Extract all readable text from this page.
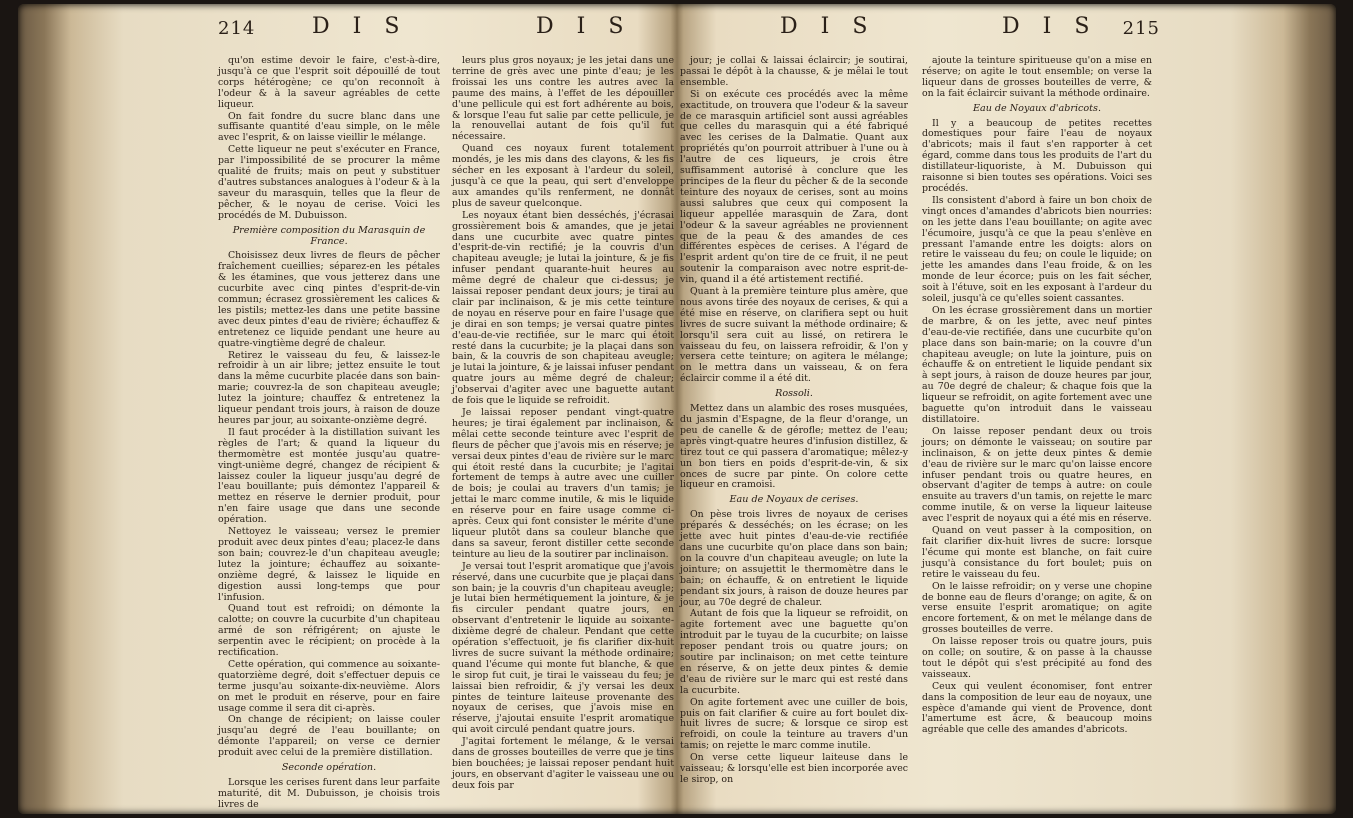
214	D I S	D I S

qu'on estime devoir le faire, c'est-à-dire, jusqu'à ce que l'esprit soit dépouillé de tout corps hétérogène; ce qu'on reconnoît à l'odeur & à la saveur agréables de cette liqueur.

On fait fondre du sucre blanc dans une suffisante quantité d'eau simple, on le mêle avec l'esprit, & on laisse vieillir le mélange.

Cette liqueur ne peut s'exécuter en France, par l'impossibilité de se procurer la même qualité de fruits; mais on peut y substituer d'autres substances analogues à l'odeur & à la saveur du marasquin, telles que la fleur de pêcher, & le noyau de cerise. Voici les procédés de M. Dubuisson.

Première composition du Marasquin de France.

Choisissez deux livres de fleurs de pêcher fraîchement cueillies; séparez-en les pétales & les étamines, que vous jetterez dans une cucurbite avec cinq pintes d'esprit-de-vin commun; écrasez grossièrement les calices & les pistils; mettez-les dans une petite bassine avec deux pintes d'eau de rivière; échauffez & entretenez ce liquide pendant une heure au quatre-vingtième degré de chaleur.

Retirez le vaisseau du feu, & laissez-le refroidir à un air libre; jettez ensuite le tout dans la même cucurbite placée dans son bain-marie; couvrez-la de son chapiteau aveugle; lutez la jointure; chauffez & entretenez la liqueur pendant trois jours, à raison de douze heures par jour, au soixante-onzième degré.

Il faut procéder à la distillation suivant les règles de l'art; & quand la liqueur du thermomètre est montée jusqu'au quatre-vingt-unième degré, changez de récipient & laissez couler la liqueur jusqu'au degré de l'eau bouillante; puis démontez l'appareil & mettez en réserve le dernier produit, pour n'en faire usage que dans une seconde opération.

Nettoyez le vaisseau; versez le premier produit avec deux pintes d'eau; placez-le dans son bain; couvrez-le d'un chapiteau aveugle; lutez la jointure; échauffez au soixante-onzième degré, & laissez le liquide en digestion aussi long-temps que pour l'infusion.

Quand tout est refroidi; on démonte la calotte; on couvre la cucurbite d'un chapiteau armé de son réfrigérent; on ajuste le serpentin avec le récipient; on procède à la rectification.

Cette opération, qui commence au soixante-quatorzième degré, doit s'effectuer depuis ce terme jusqu'au soixante-dix-neuvième. Alors on met le produit en réserve, pour en faire usage comme il sera dit ci-après.

On change de récipient; on laisse couler jusqu'au degré de l'eau bouillante; on démonte l'appareil; on verse ce dernier produit avec celui de la première distillation.

Seconde opération.

Lorsque les cerises furent dans leur parfaite maturité, dit M. Dubuisson, je choisis trois livres de

leurs plus gros noyaux; je les jetai dans une terrine de grès avec une pinte d'eau; je les froissai les uns contre les autres avec la paume des mains, à l'effet de les dépouiller d'une pellicule qui est fort adhérente au bois, & lorsque l'eau fut salie par cette pellicule, je la renouvellai autant de fois qu'il fut nécessaire.

Quand ces noyaux furent totalement mondés, je les mis dans des clayons, & les fis sécher en les exposant à l'ardeur du soleil, jusqu'à ce que la peau, qui sert d'enveloppe aux amandes qu'ils renferment, ne donnât plus de saveur quelconque.

Les noyaux étant bien desséchés, j'écrasai grossièrement bois & amandes, que je jetai dans une cucurbite avec quatre pintes d'esprit-de-vin rectifié; je la couvris d'un chapiteau aveugle; je lutai la jointure, & je fis infuser pendant quarante-huit heures au même degré de chaleur que ci-dessus; je laissai reposer pendant deux jours; je tirai au clair par inclinaison, & je mis cette teinture de noyau en réserve pour en faire l'usage que je dirai en son temps; je versai quatre pintes d'eau-de-vie rectifiée, sur le marc qui étoit resté dans la cucurbite; je la plaçai dans son bain, & la couvris de son chapiteau aveugle; je lutai la jointure, & je laissai infuser pendant quatre jours au même degré de chaleur; j'observai d'agiter avec une baguette autant de fois que le liquide se refroidit.

Je laissai reposer pendant vingt-quatre heures; je tirai également par inclinaison, & mêlai cette seconde teinture avec l'esprit de fleurs de pêcher que j'avois mis en réserve; je versai deux pintes d'eau de rivière sur le marc qui étoit resté dans la cucurbite; je l'agitai fortement de temps à autre avec une cuiller de bois; je coulai au travers d'un tamis; je jettai le marc comme inutile, & mis le liquide en réserve pour en faire usage comme ci-après. Ceux qui font consister le mérite d'une liqueur plutôt dans sa couleur blanche que dans sa saveur, feront distiller cette seconde teinture au lieu de la soutirer par inclinaison.

Je versai tout l'esprit aromatique que j'avois réservé, dans une cucurbite que je plaçai dans son bain; je la couvris d'un chapiteau aveugle; je lutai bien hermétiquement la jointure, & je fis circuler pendant quatre jours, en observant d'entretenir le liquide au soixante-dixième degré de chaleur. Pendant que cette opération s'effectuoit, je fis clarifier dix-huit livres de sucre suivant la méthode ordinaire; quand l'écume qui monte fut blanche, & que le sirop fut cuit, je tirai le vaisseau du feu; je laissai bien refroidir, & j'y versai les deux pintes de teinture laiteuse provenante des noyaux de cerises, que j'avois mise en réserve, j'ajoutai ensuite l'esprit aromatique qui avoit circulé pendant quatre jours.

J'agitai fortement le mélange, & le versai dans de grosses bouteilles de verre que je tins bien bouchées; je laissai reposer pendant huit jours, en observant d'agiter le vaisseau une ou deux fois par

D I S	D I S 215

jour; je collai & laissai éclaircir; je soutirai, passai le dépôt à la chausse, & je mêlai le tout ensemble.

Si on exécute ces procédés avec la même exactitude, on trouvera que l'odeur & la saveur de ce marasquin artificiel sont aussi agréables que celles du marasquin qui a été fabriqué avec les cerises de la Dalmatie. Quant aux propriétés qu'on pourroit attribuer à l'une ou à l'autre de ces liqueurs, je crois être suffisamment autorisé à conclure que les principes de la fleur du pêcher & de la seconde teinture des noyaux de cerises, sont au moins aussi salubres que ceux qui composent la liqueur appellée marasquin de Zara, dont l'odeur & la saveur agréables ne proviennent que de la peau & des amandes de ces différentes espèces de cerises. A l'égard de l'esprit ardent qu'on tire de ce fruit, il ne peut soutenir la comparaison avec notre esprit-de-vin, quand il a été artistement rectifié.

Quant à la première teinture plus amère, que nous avons tirée des noyaux de cerises, & qui a été mise en réserve, on clarifiera sept ou huit livres de sucre suivant la méthode ordinaire; & lorsqu'il sera cuit au lissé, on retirera le vaisseau du feu, on laissera refroidir, & l'on y versera cette teinture; on agitera le mélange; on le mettra dans un vaisseau, & on fera éclaircir comme il a été dit.

Rossoli.

Mettez dans un alambic des roses musquées, du jasmin d'Espagne, de la fleur d'orange, un peu de canelle & de gérofle; mettez de l'eau; après vingt-quatre heures d'infusion distillez, & tirez tout ce qui passera d'aromatique; mêlez-y un bon tiers en poids d'esprit-de-vin, & six onces de sucre par pinte. On colore cette liqueur en cramoisi.

Eau de Noyaux de cerises.

On pèse trois livres de noyaux de cerises préparés & desséchés; on les écrase; on les jette avec huit pintes d'eau-de-vie rectifiée dans une cucurbite qu'on place dans son bain; on la couvre d'un chapiteau aveugle; on lute la jointure; on assujettit le thermomètre dans le bain; on échauffe, & on entretient le liquide pendant six jours, à raison de douze heures par jour, au 70e degré de chaleur.

Autant de fois que la liqueur se refroidit, on agite fortement avec une baguette qu'on introduit par le tuyau de la cucurbite; on laisse reposer pendant trois ou quatre jours; on soutire par inclinaison; on met cette teinture en réserve, & on jette deux pintes & demie d'eau de rivière sur le marc qui est resté dans la cucurbite.

On agite fortement avec une cuiller de bois, puis on fait clarifier & cuire au fort boulet dix-huit livres de sucre; & lorsque ce sirop est refroidi, on coule la teinture au travers d'un tamis; on rejette le marc comme inutile.

On verse cette liqueur laiteuse dans le vaisseau; & lorsqu'elle est bien incorporée avec le sirop, on

ajoute la teinture spiritueuse qu'on a mise en réserve; on agite le tout ensemble; on verse la liqueur dans de grosses bouteilles de verre, & on la fait éclaircir suivant la méthode ordinaire.

Eau de Noyaux d'abricots.

Il y a beaucoup de petites recettes domestiques pour faire l'eau de noyaux d'abricots; mais il faut s'en rapporter à cet égard, comme dans tous les produits de l'art du distillateur-liquoriste, à M. Dubuisson qui raisonne si bien toutes ses opérations. Voici ses procédés.

Ils consistent d'abord à faire un bon choix de vingt onces d'amandes d'abricots bien nourries: on les jette dans l'eau bouillante; on agite avec l'écumoire, jusqu'à ce que la peau s'enlève en pressant l'amande entre les doigts: alors on retire le vaisseau du feu; on coule le liquide; on jette les amandes dans l'eau froide, & on les monde de leur écorce; puis on les fait sécher, soit à l'étuve, soit en les exposant à l'ardeur du soleil, jusqu'à ce qu'elles soient cassantes.

On les écrase grossièrement dans un mortier de marbre, & on les jette, avec neuf pintes d'eau-de-vie rectifiée, dans une cucurbite qu'on place dans son bain-marie; on la couvre d'un chapiteau aveugle; on lute la jointure, puis on échauffe & on entretient le liquide pendant six à sept jours, à raison de douze heures par jour, au 70e degré de chaleur; & chaque fois que la liqueur se refroidit, on agite fortement avec une baguette qu'on introduit dans le vaisseau distillatoire.

On laisse reposer pendant deux ou trois jours; on démonte le vaisseau; on soutire par inclinaison, & on jette deux pintes & demie d'eau de rivière sur le marc qu'on laisse encore infuser pendant trois ou quatre heures, en observant d'agiter de temps à autre: on coule ensuite au travers d'un tamis, on rejette le marc comme inutile, & on verse la liqueur laiteuse avec l'esprit de noyaux qui a été mis en réserve.

Quand on veut passer à la composition, on fait clarifier dix-huit livres de sucre: lorsque l'écume qui monte est blanche, on fait cuire jusqu'à consistance du fort boulet; puis on retire le vaisseau du feu.

On le laisse refroidir; on y verse une chopine de bonne eau de fleurs d'orange; on agite, & on verse ensuite l'esprit aromatique; on agite encore fortement, & on met le mélange dans de grosses bouteilles de verre.

On laisse reposer trois ou quatre jours, puis on colle; on soutire, & on passe à la chausse tout le dépôt qui s'est précipité au fond des vaisseaux.

Ceux qui veulent économiser, font entrer dans la composition de leur eau de noyaux, une espèce d'amande qui vient de Provence, dont l'amertume est âcre, & beaucoup moins agréable que celle des amandes d'abricots.
